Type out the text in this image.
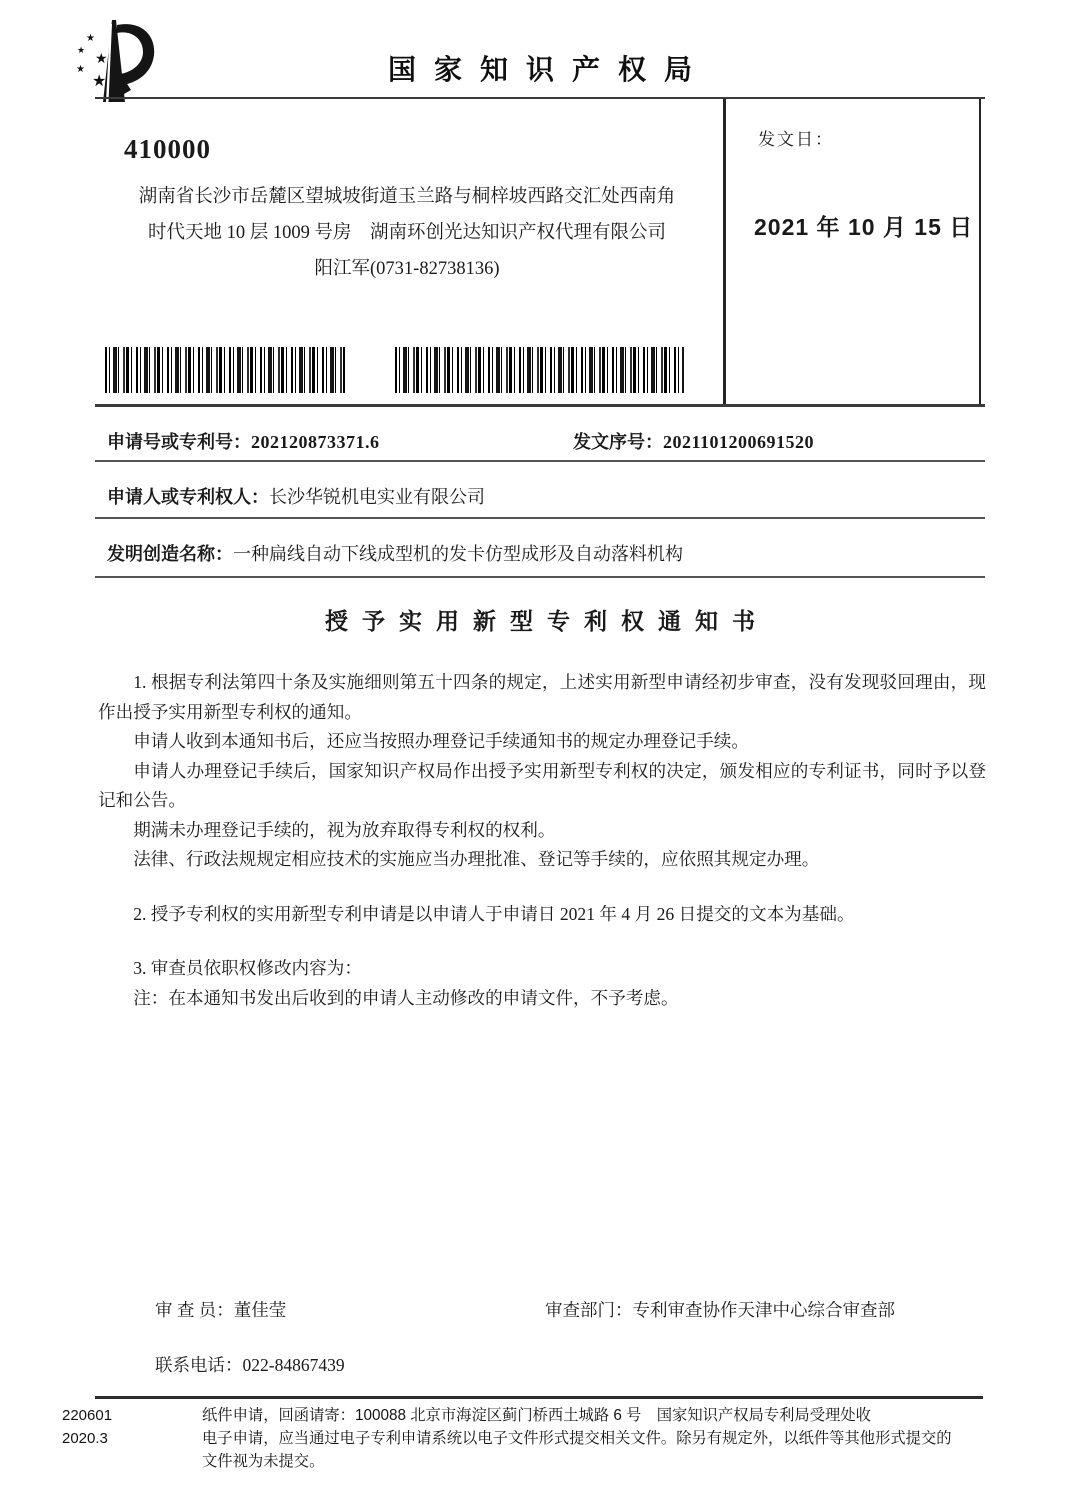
★
★
★
★
★	国家知识产权局
410000
湖南省长沙市岳麓区望城坡街道玉兰路与桐梓坡西路交汇处西南角
时代天地 10 层 1009 号房　湖南环创光达知识产权代理有限公司
阳江军(0731-82738136)
发文日：
2021 年 10 月 15 日
申请号或专利号：202120873371.6	发文序号：2021101200691520
申请人或专利权人：长沙华锐机电实业有限公司
发明创造名称：一种扁线自动下线成型机的发卡仿型成形及自动落料机构
授予实用新型专利权通知书
1. 根据专利法第四十条及实施细则第五十四条的规定，上述实用新型申请经初步审查，没有发现驳回理由，现作出授予实用新型专利权的通知。
申请人收到本通知书后，还应当按照办理登记手续通知书的规定办理登记手续。
申请人办理登记手续后，国家知识产权局作出授予实用新型专利权的决定，颁发相应的专利证书，同时予以登记和公告。
期满未办理登记手续的，视为放弃取得专利权的权利。
法律、行政法规规定相应技术的实施应当办理批准、登记等手续的，应依照其规定办理。
2. 授予专利权的实用新型专利申请是以申请人于申请日 2021 年 4 月 26 日提交的文本为基础。
3. 审查员依职权修改内容为：
注：在本通知书发出后收到的申请人主动修改的申请文件，不予考虑。
审 查 员：董佳莹	审查部门：专利审查协作天津中心综合审查部
联系电话：022-84867439
220601
2020.3
纸件申请，回函请寄：100088 北京市海淀区蓟门桥西土城路 6 号　国家知识产权局专利局受理处收
电子申请，应当通过电子专利申请系统以电子文件形式提交相关文件。除另有规定外，以纸件等其他形式提交的
文件视为未提交。
